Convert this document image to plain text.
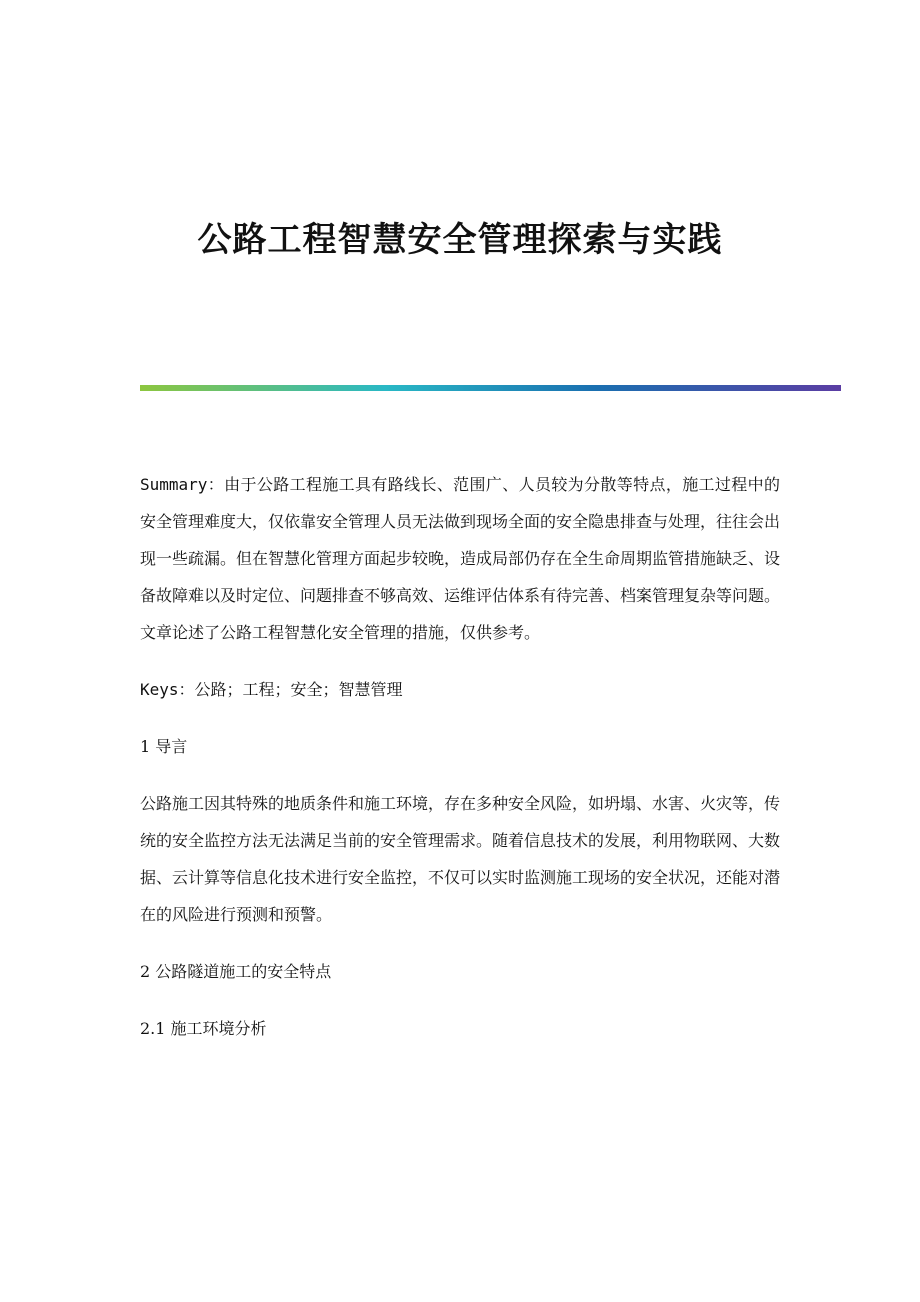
公路工程智慧安全管理探索与实践

Summary：由于公路工程施工具有路线长、范围广、人员较为分散等特点，施工过程中的安全管理难度大，仅依靠安全管理人员无法做到现场全面的安全隐患排查与处理，往往会出现一些疏漏。但在智慧化管理方面起步较晚，造成局部仍存在全生命周期监管措施缺乏、设备故障难以及时定位、问题排查不够高效、运维评估体系有待完善、档案管理复杂等问题。文章论述了公路工程智慧化安全管理的措施，仅供参考。

Keys：公路；工程；安全；智慧管理

1 导言

公路施工因其特殊的地质条件和施工环境，存在多种安全风险，如坍塌、水害、火灾等，传统的安全监控方法无法满足当前的安全管理需求。随着信息技术的发展，利用物联网、大数据、云计算等信息化技术进行安全监控，不仅可以实时监测施工现场的安全状况，还能对潜在的风险进行预测和预警。

2 公路隧道施工的安全特点

2.1 施工环境分析
